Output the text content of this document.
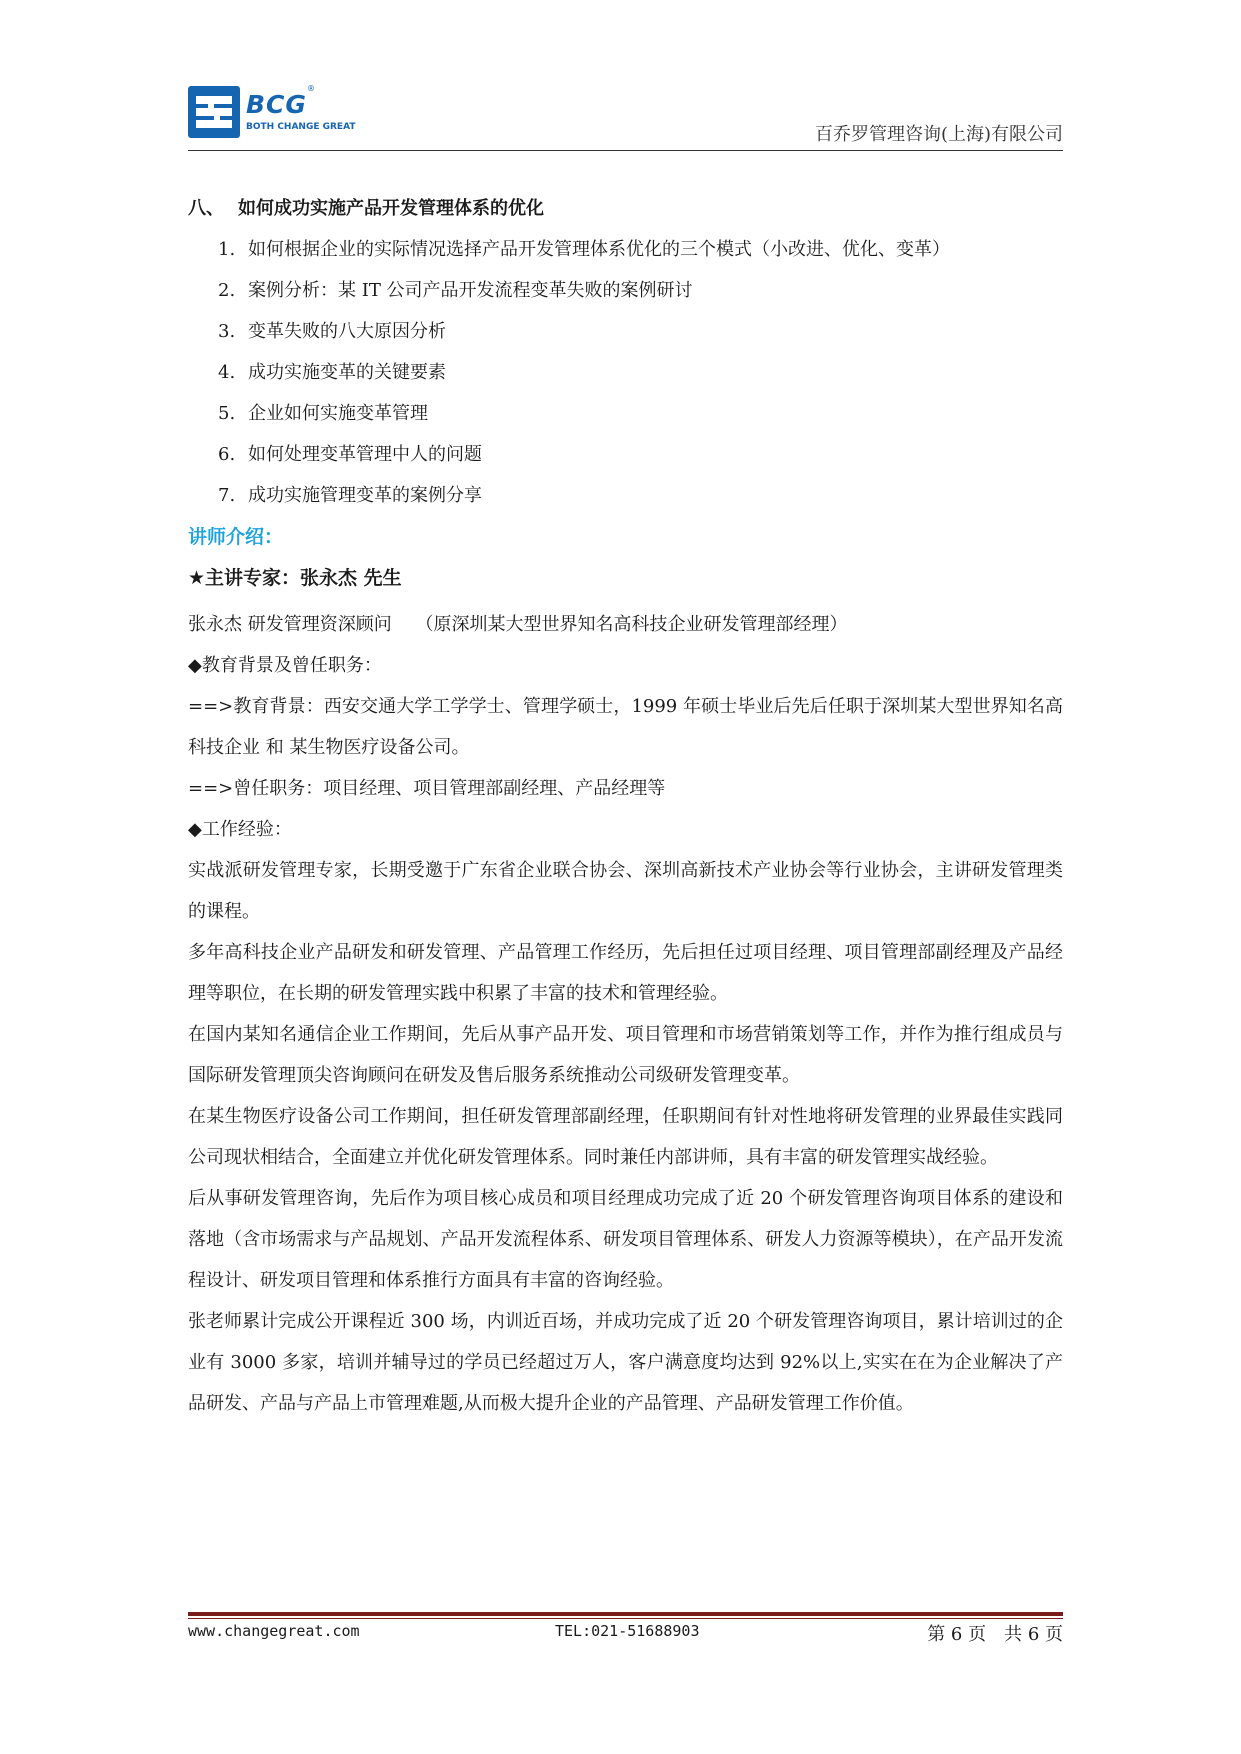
BCG
®
BOTH CHANGE GREAT	百乔罗管理咨询(上海)有限公司
八、 如何成功实施产品开发管理体系的优化
1. 如何根据企业的实际情况选择产品开发管理体系优化的三个模式（小改进、优化、变革）
2. 案例分析：某 IT 公司产品开发流程变革失败的案例研讨
3. 变革失败的八大原因分析
4. 成功实施变革的关键要素
5. 企业如何实施变革管理
6. 如何处理变革管理中人的问题
7. 成功实施管理变革的案例分享
讲师介绍：
★主讲专家：张永杰 先生
张永杰 研发管理资深顾问　 （原深圳某大型世界知名高科技企业研发管理部经理）
◆教育背景及曾任职务：
==>教育背景：西安交通大学工学学士、管理学硕士，1999 年硕士毕业后先后任职于深圳某大型世界知名高科技企业 和 某生物医疗设备公司。
==>曾任职务：项目经理、项目管理部副经理、产品经理等
◆工作经验：
实战派研发管理专家，长期受邀于广东省企业联合协会、深圳高新技术产业协会等行业协会，主讲研发管理类的课程。
多年高科技企业产品研发和研发管理、产品管理工作经历，先后担任过项目经理、项目管理部副经理及产品经理等职位，在长期的研发管理实践中积累了丰富的技术和管理经验。
在国内某知名通信企业工作期间，先后从事产品开发、项目管理和市场营销策划等工作，并作为推行组成员与国际研发管理顶尖咨询顾问在研发及售后服务系统推动公司级研发管理变革。
在某生物医疗设备公司工作期间，担任研发管理部副经理，任职期间有针对性地将研发管理的业界最佳实践同公司现状相结合，全面建立并优化研发管理体系。同时兼任内部讲师，具有丰富的研发管理实战经验。
后从事研发管理咨询，先后作为项目核心成员和项目经理成功完成了近 20 个研发管理咨询项目体系的建设和落地（含市场需求与产品规划、产品开发流程体系、研发项目管理体系、研发人力资源等模块），在产品开发流程设计、研发项目管理和体系推行方面具有丰富的咨询经验。
张老师累计完成公开课程近 300 场，内训近百场，并成功完成了近 20 个研发管理咨询项目，累计培训过的企业有 3000 多家，培训并辅导过的学员已经超过万人，客户满意度均达到 92%以上,实实在在为企业解决了产品研发、产品与产品上市管理难题,从而极大提升企业的产品管理、产品研发管理工作价值。
www.changegreat.com	TEL:021-51688903	第 6 页　共 6 页
